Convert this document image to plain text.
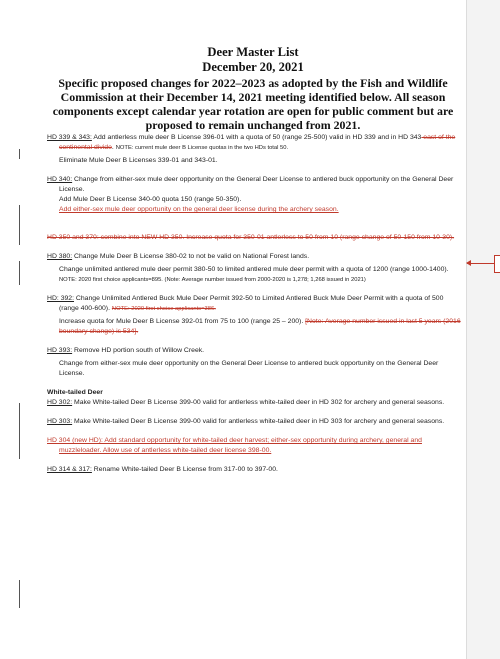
Deer Master List
December 20, 2021
Specific proposed changes for 2022–2023 as adopted by the Fish and Wildlife Commission at their December 14, 2021 meeting identified below. All season components except calendar year rotation are open for public comment but are proposed to remain unchanged from 2021.
HD 339 & 343: Add antlerless mule deer B License 396-01 with a quota of 50 (range 25-500) valid in HD 339 and in HD 343 east of the continental divide. NOTE: current mule deer B License quotas in the two HDs total 50.
Eliminate Mule Deer B Licenses 339-01 and 343-01.
HD 340: Change from either-sex mule deer opportunity on the General Deer License to antlered buck opportunity on the General Deer License.
Add Mule Deer B License 340-00 quota 150 (range 50-350).
Add either-sex mule deer opportunity on the general deer license during the archery season.
HD 350 and 370: combine into NEW HD 350. Increase quota for 350-01 antlerless to 50 from 10 (range change of 50-150 from 10-30).
HD 380: Change Mule Deer B License 380-02 to not be valid on National Forest lands.
Change unlimited antlered mule deer permit 380-50 to limited antlered mule deer permit with a quota of 1200 (range 1000-1400). NOTE: 2020 first choice applicants=895. (Note: Average number issued from 2000-2020 is 1,278; 1,268 issued in 2021)
HD: 392: Change Unlimited Antlered Buck Mule Deer Permit 392-50 to Limited Antlered Buck Mule Deer Permit with a quota of 500 (range 400-600). NOTE: 2020 first choice applicants=386.
Increase quota for Mule Deer B License 392-01 from 75 to 100 (range 25 – 200). [Note: Average number issued in last 5 years (2016 boundary change) is 534].
HD 393: Remove HD portion south of Willow Creek.
Change from either-sex mule deer opportunity on the General Deer License to antlered buck opportunity on the General Deer License.
White-tailed Deer
HD 302: Make White-tailed Deer B License 399-00 valid for antlerless white-tailed deer in HD 302 for archery and general seasons.
HD 303: Make White-tailed Deer B License 399-00 valid for antlerless white-tailed deer in HD 303 for archery and general seasons.
HD 304 (new HD): Add standard opportunity for white-tailed deer harvest; either-sex opportunity during archery, general and muzzleloader. Allow use of antlerless white-tailed deer license 398-00.
HD 314 & 317: Rename White-tailed Deer B License from 317-00 to 397-00.
